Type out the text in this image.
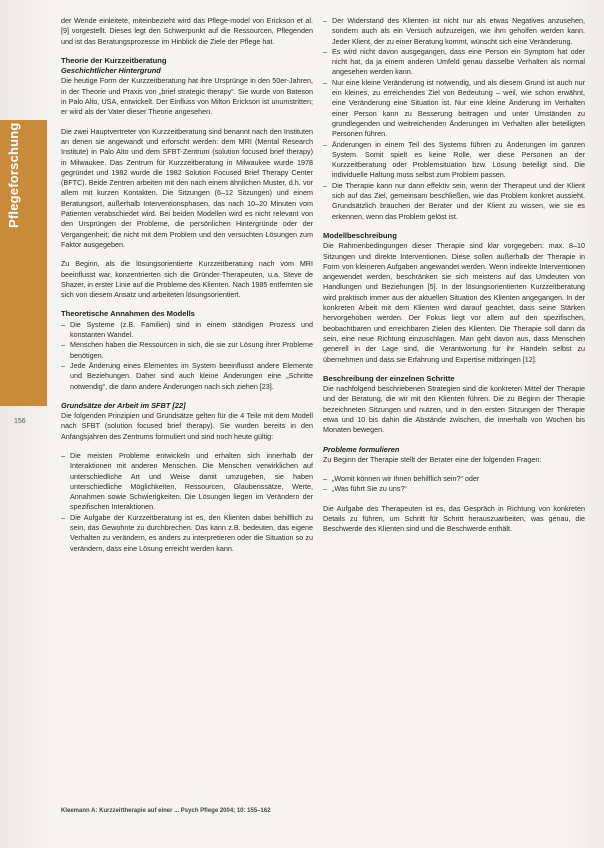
Pflegeforschung
156

der Wende einleitete, miteinbezieht wird das Pflege-model von Erickson et al. [9] vorgestellt. Dieses legt den Schwerpunkt auf die Ressourcen, Pflegenden und ist das Beratungsprozesse im Hinblick die Ziele der Pflege hat.

Theorie der Kurzzeitberatung
Geschichtlicher Hintergrund

Die heutige Form der Kurzzeitberatung hat ihre Ursprünge in den 50er-Jahren, in der Theorie und Praxis von „brief strategic therapy“. Sie wurde von Bateson in Palo Alto, USA, entwickelt. Der Einfluss von Milton Erickson ist unumstritten; er wird als der Vater dieser Theorie angesehen.

Die zwei Hauptvertreter von Kurzzeitberatung sind benannt nach den Instituten an denen sie angewandt und erforscht werden: dem MRI (Mental Research Institute) in Palo Alto und dem SFBT-Zentrum (solution focused brief therapy) in Milwaukee. Das Zentrum für Kurzzeitberatung in Milwaukee wurde 1978 gegründet und 1982 wurde die 1982 Solution Focused Brief Therapy Center (BFTC). Beide Zentren arbeiten mit den nach einem ähnlichen Muster, d.h. vor allem mit kurzen Kontakten. Die Sitzungen (6–12 Sitzungen) und einem Beratungsort, außerhalb Interventionsphasen, das nach 10–20 Minuten vom Patienten verabschiedet wird. Bei beiden Modellen wird es nicht relevant von den Ursprüngen der Probleme, die persönlichen Hintergründe oder der Vergangenheit; die nicht mit dem Problem und den versuchten Lösungen zum Faktor ausgegeben.

Zu Beginn, als die lösungsorientierte Kurzzeitberatung nach vom MRI beeinflusst war, konzentrierten sich die Gründer-Therapeuten, u.a. Steve de Shazer, in erster Linie auf die Probleme des Klienten. Nach 1985 entfernten sie sich von diesem Ansatz und arbeiteten lösungsorientiert.

Theoretische Annahmen des Modells
– Die Systeme (z.B. Familien) sind in einem ständigen Prozess und konstanten Wandel.
– Menschen haben die Ressourcen in sich, die sie zur Lösung ihrer Probleme benötigen.
– Jede Änderung eines Elementes im System beeinflusst andere Elemente und Beziehungen. Daher sind auch kleine Änderungen eine „Schritte notwendig“, die dann andere Änderungen nach sich ziehen [23].
Grundsätze der Arbeit im SFBT [22]

Die folgenden Prinzipien und Grundsätze gelten für die 4 Teile mit dem Modell nach SFBT (solution focused brief therapy). Sie wurden bereits in den Anfangsjahren des Zentrums formuliert und sind noch heute gültig:

– Die meisten Probleme entwickeln und erhalten sich innerhalb der Interaktionen mit anderen Menschen. Die Menschen verwirklichen auf unterschiedliche Art und Weise damit umzugehen, sie haben unterschiedliche Möglichkeiten, Ressourcen, Glaubenssätze, Werte, Annahmen sowie Schwierigkeiten. Die Lösungen liegen im Verändern der spezifischen Interaktionen.
– Die Aufgabe der Kurzzeitberatung ist es, den Klienten dabei behilflich zu sein, das Gewohnte zu durchbrechen. Das kann z.B. bedeuten, das eigene Verhalten zu verändern, es anders zu interpretieren oder die Situation so zu verändern, dass eine Lösung erreicht werden kann.
– Der Widerstand des Klienten ist nicht nur als etwas Negatives anzusehen, sondern auch als ein Versuch aufzuzeigen, wie ihm geholfen werden kann. Jeder Klient, der zu einer Beratung kommt, wünscht sich eine Veränderung.
– Es wird nicht davon ausgegangen, dass eine Person ein Symptom hat oder nicht hat, da ja einem anderen Umfeld genau dasselbe Verhalten als normal angesehen werden kann.
– Nur eine kleine Veränderung ist notwendig, und als diesem Grund ist auch nur ein kleines, zu erreichendes Ziel von Bedeutung – weil, wie schon erwähnt, eine Veränderung eine Situation ist. Nur eine kleine Änderung im Verhalten einer Person kann zu Besserung beitragen und unter Umständen zu grundlegenden und weitreichenden Änderungen im Verhalten aller beteiligten Personen führen.
– Änderungen in einem Teil des Systems führen zu Änderungen im ganzen System. Somit spielt es keine Rolle, wer diese Personen an der Kurzzeitberatung oder Problemsituation bzw. Lösung beteiligt sind. Die individuelle Haltung muss selbst zum Problem passen.
– Die Therapie kann nur dann effektiv sein, wenn der Therapeut und der Klient sich auf das Ziel, gemeinsam beschließen, wie das Problem konkret aussieht. Grundsätzlich brauchen der Berater und der Klient zu wissen, wie sie es erkennen, wenn das Problem gelöst ist.
Modellbeschreibung

Die Rahmenbedingungen dieser Therapie sind klar vorgegeben: max. 8–10 Sitzungen und direkte Interventionen. Diese sollen außerhalb der Therapie in Form von kleineren Aufgaben angewandet werden. Wenn indirekte Interventionen angewendet werden, beschränken sie sich meistens auf das Umdeuten von Handlungen und Beziehungen [5]. In der lösungsorientierten Kurzzeitberatung wird praktisch immer aus der aktuellen Situation des Klienten angegangen. In der konkreten Arbeit mit dem Klienten wird darauf geachtet, dass seine Stärken hervorgehoben werden. Der Fokus liegt vor allem auf den spezifischen, beobachtbaren und erreichbaren Zielen des Klienten. Die Therapie soll dann da sein, eine neue Richtung einzuschlagen. Man geht davon aus, dass Menschen generell in der Lage sind, die Verantwortung für ihr Handeln selbst zu übernehmen und dass sie Erfahrung und Expertise mitbringen [12].

Beschreibung der einzelnen Schritte

Die nachfolgend beschriebenen Strategien sind die konkreten Mittel der Therapie und der Beratung, die wir mit den Klienten führen. Die zu Beginn der Therapie bezeichneten Sitzungen und nutzen, und in den ersten Sitzungen der Therapie etwa und 10 bis dahin die Abstände zwischen, die innerhalb von Wochen bis Monaten bewegen.

Probleme formulieren

Zu Beginn der Therapie stellt der Berater eine der folgenden Fragen:

– „Womit können wir Ihnen behilflich sein?“ oder
– „Was führt Sie zu uns?“

Die Aufgabe des Therapeuten ist es, das Gespräch in Richtung von konkreten Details zu führen, um Schritt für Schritt herauszuarbeiten, was genau, die Beschwerde des Klienten sind und die Beschwerde enthält.

Kleemann A: Kurzzeittherapie auf einer ... Psych Pflege 2004; 10: 155–162
